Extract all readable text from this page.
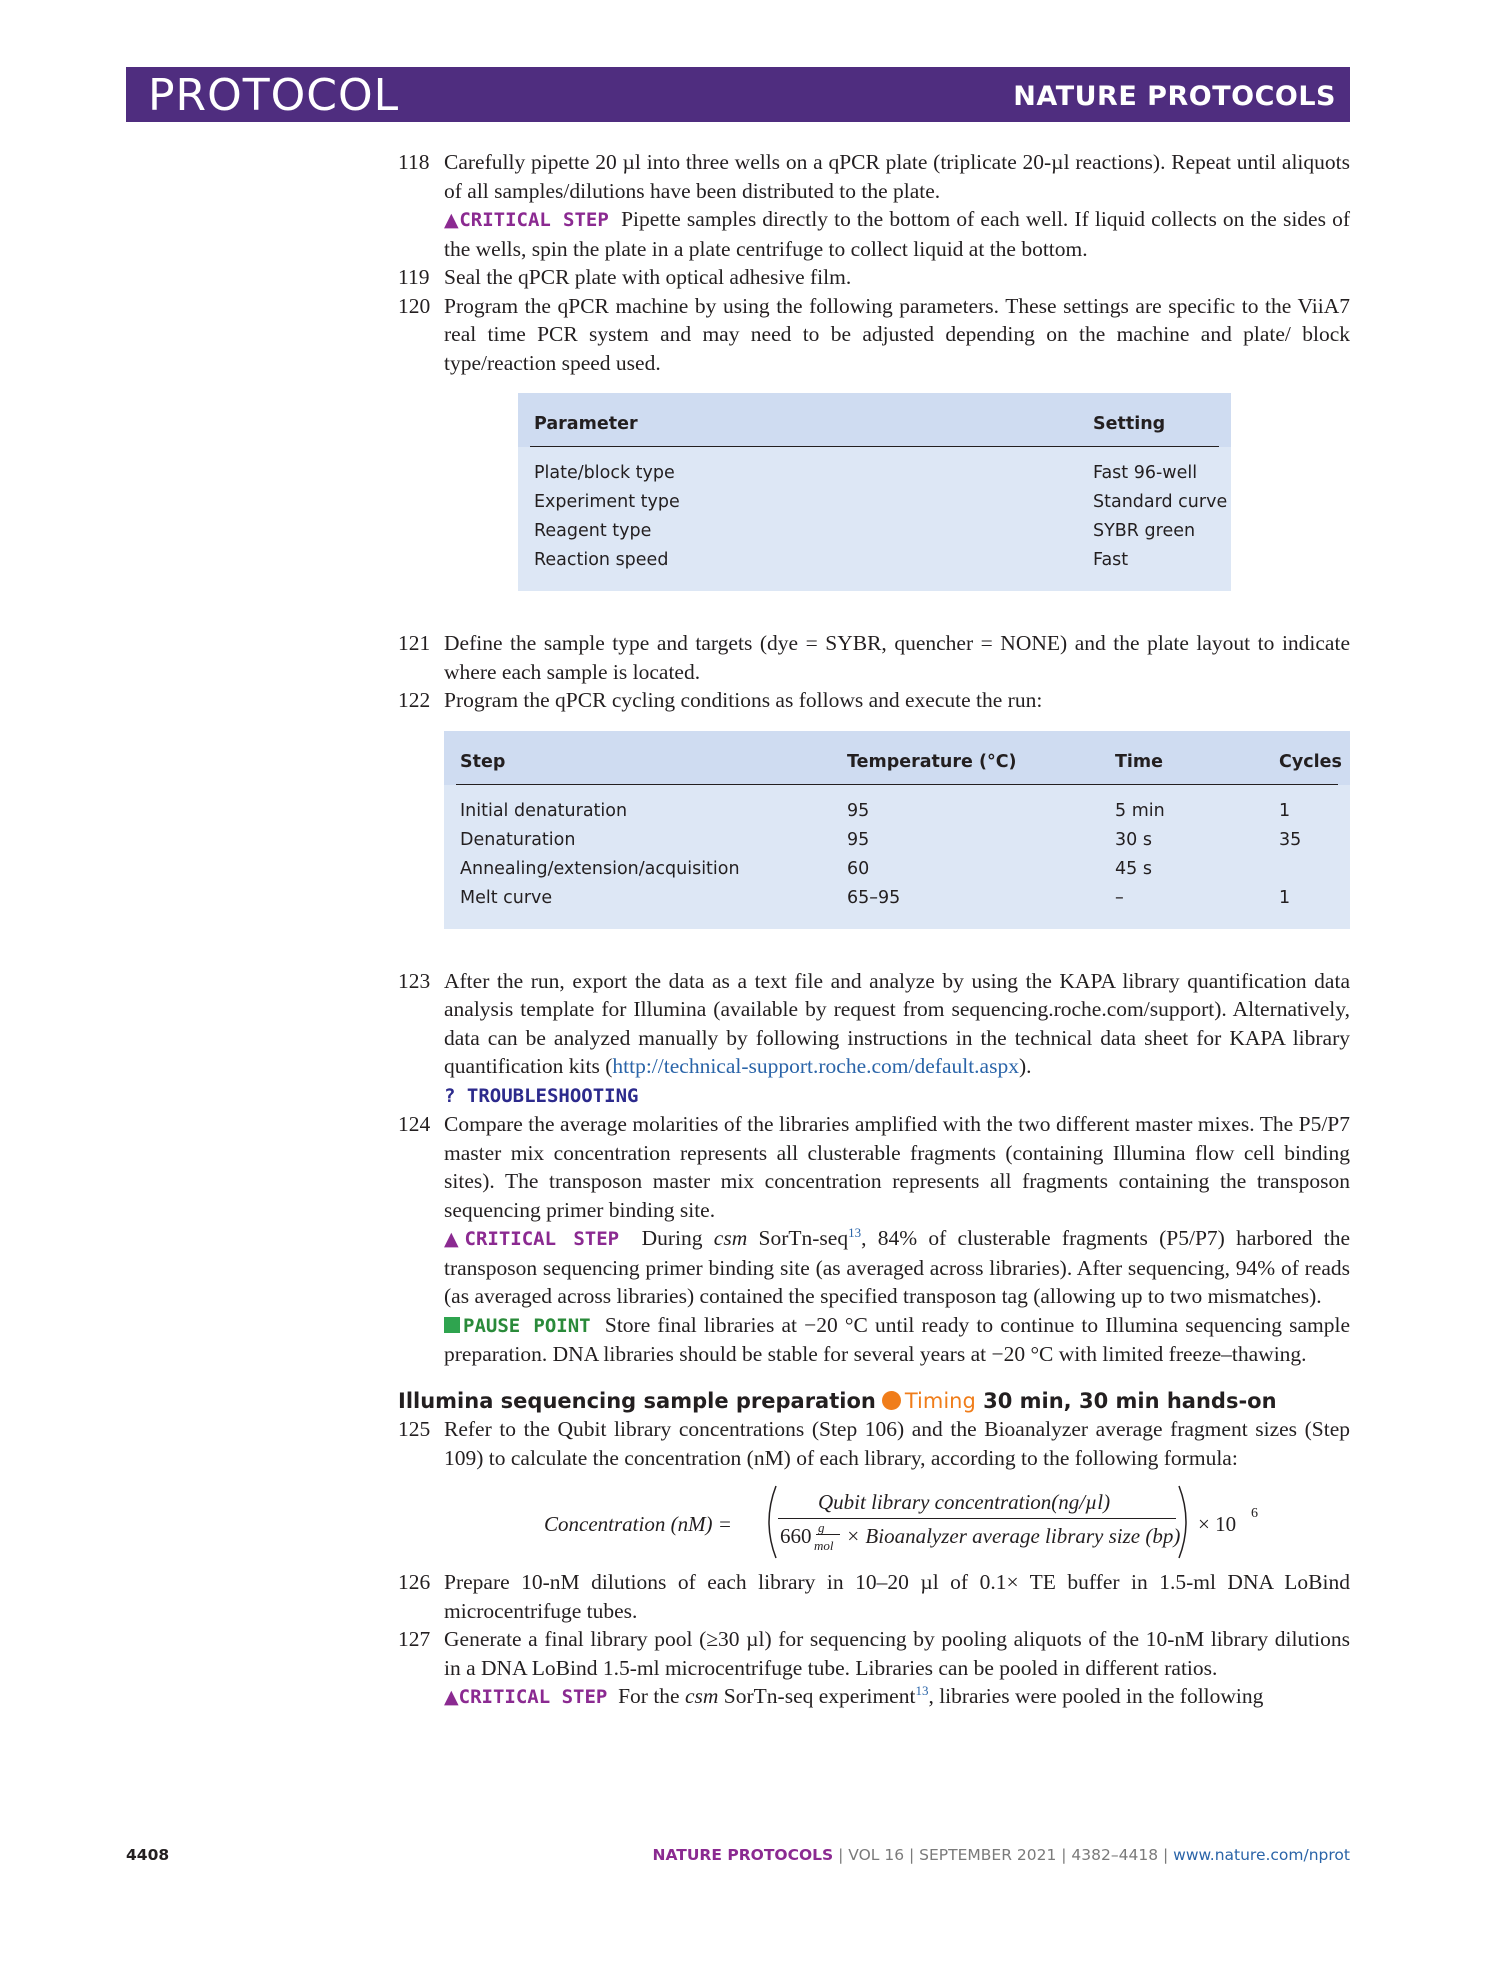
PROTOCOL	NATURE PROTOCOLS
118 Carefully pipette 20 µl into three wells on a qPCR plate (triplicate 20-µl reactions). Repeat until aliquots of all samples/dilutions have been distributed to the plate.
▲CRITICAL STEP Pipette samples directly to the bottom of each well. If liquid collects on the sides of the wells, spin the plate in a plate centrifuge to collect liquid at the bottom.
119 Seal the qPCR plate with optical adhesive film.
120 Program the qPCR machine by using the following parameters. These settings are specific to the ViiA7 real time PCR system and may need to be adjusted depending on the machine and plate/ block type/reaction speed used.
Parameter	Setting
Plate/block type	Fast 96-well
Experiment type	Standard curve
Reagent type	SYBR green
Reaction speed	Fast
121 Define the sample type and targets (dye = SYBR, quencher = NONE) and the plate layout to indicate where each sample is located.
122 Program the qPCR cycling conditions as follows and execute the run:
Step	Temperature (°C)	Time	Cycles
Initial denaturation	95	5 min	1
Denaturation	95	30 s	35
Annealing/extension/acquisition	60	45 s
Melt curve	65–95	–	1
123 After the run, export the data as a text file and analyze by using the KAPA library quantification data analysis template for Illumina (available by request from sequencing.roche.com/support). Alternatively, data can be analyzed manually by following instructions in the technical data sheet for KAPA library quantification kits (http://technical-support.roche.com/default.aspx).
? TROUBLESHOOTING
124 Compare the average molarities of the libraries amplified with the two different master mixes. The P5/P7 master mix concentration represents all clusterable fragments (containing Illumina flow cell binding sites). The transposon master mix concentration represents all fragments containing the transposon sequencing primer binding site.
▲CRITICAL STEP During csm SorTn-seq$^{13}$, 84% of clusterable fragments (P5/P7) harbored the transposon sequencing primer binding site (as averaged across libraries). After sequencing, 94% of reads (as averaged across libraries) contained the specified transposon tag (allowing up to two mismatches).
PAUSE POINT Store final libraries at −20 °C until ready to continue to Illumina sequencing sample preparation. DNA libraries should be stable for several years at −20 °C with limited freeze–thawing.
Illumina sequencing sample preparation Timing 30 min, 30 min hands-on
125 Refer to the Qubit library concentrations (Step 106) and the Bioanalyzer average fragment sizes (Step 109) to calculate the concentration (nM) of each library, according to the following formula:
Concentration (nM) =
Qubit library concentration(ng/µl)
660 g
mol × Bioanalyzer average library size (bp) × 10 6
126 Prepare 10-nM dilutions of each library in 10–20 µl of 0.1× TE buffer in 1.5-ml DNA LoBind microcentrifuge tubes.
127 Generate a final library pool (≥30 µl) for sequencing by pooling aliquots of the 10-nM library dilutions in a DNA LoBind 1.5-ml microcentrifuge tube. Libraries can be pooled in different ratios.
▲CRITICAL STEP For the csm SorTn-seq experiment$^{13}$, libraries were pooled in the following
4408	NATURE PROTOCOLS | VOL 16 | SEPTEMBER 2021 | 4382–4418 | www.nature.com/nprot
